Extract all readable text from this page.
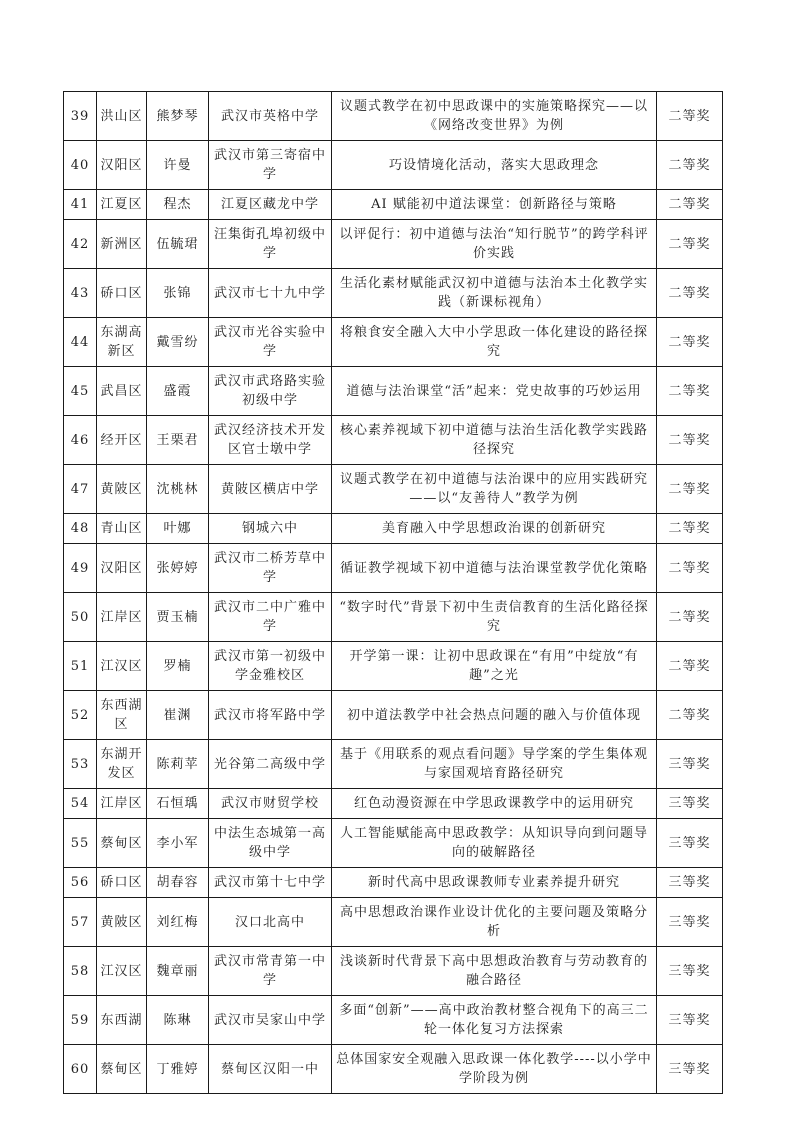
39	洪山区	熊梦琴	武汉市英格中学	议题式教学在初中思政课中的实施策略探究——以《网络改变世界》为例	二等奖
40	汉阳区	许曼	武汉市第三寄宿中学	巧设情境化活动，落实大思政理念	二等奖
41	江夏区	程杰	江夏区藏龙中学	AI 赋能初中道法课堂：创新路径与策略	二等奖
42	新洲区	伍毓珺	汪集街孔埠初级中学	以评促行：初中道德与法治“知行脱节”的跨学科评价实践	二等奖
43	硚口区	张锦	武汉市七十九中学	生活化素材赋能武汉初中道德与法治本土化教学实践（新课标视角）	二等奖
44	东湖高新区	戴雪纷	武汉市光谷实验中学	将粮食安全融入大中小学思政一体化建设的路径探究	二等奖
45	武昌区	盛霞	武汉市武珞路实验初级中学	道德与法治课堂“活”起来：党史故事的巧妙运用	二等奖
46	经开区	王栗君	武汉经济技术开发区官士墩中学	核心素养视域下初中道德与法治生活化教学实践路径探究	二等奖
47	黄陂区	沈桃林	黄陂区横店中学	议题式教学在初中道德与法治课中的应用实践研究——以“友善待人”教学为例	二等奖
48	青山区	叶娜	钢城六中	美育融入中学思想政治课的创新研究	二等奖
49	汉阳区	张婷婷	武汉市二桥芳草中学	循证教学视域下初中道德与法治课堂教学优化策略	二等奖
50	江岸区	贾玉楠	武汉市二中广雅中学	“数字时代”背景下初中生责信教育的生活化路径探究	二等奖
51	江汉区	罗楠	武汉市第一初级中学金雅校区	开学第一课：让初中思政课在“有用”中绽放“有趣”之光	二等奖
52	东西湖区	崔渊	武汉市将军路中学	初中道法教学中社会热点问题的融入与价值体现	二等奖
53	东湖开发区	陈莉苹	光谷第二高级中学	基于《用联系的观点看问题》导学案的学生集体观与家国观培育路径研究	三等奖
54	江岸区	石恒瑀	武汉市财贸学校	红色动漫资源在中学思政课教学中的运用研究	三等奖
55	蔡甸区	李小军	中法生态城第一高级中学	人工智能赋能高中思政教学：从知识导向到问题导向的破解路径	三等奖
56	硚口区	胡春容	武汉市第十七中学	新时代高中思政课教师专业素养提升研究	三等奖
57	黄陂区	刘红梅	汉口北高中	高中思想政治课作业设计优化的主要问题及策略分析	三等奖
58	江汉区	魏章丽	武汉市常青第一中学	浅谈新时代背景下高中思想政治教育与劳动教育的融合路径	三等奖
59	东西湖	陈琳	武汉市吴家山中学	多面“创新”——高中政治教材整合视角下的高三二轮一体化复习方法探索	三等奖
60	蔡甸区	丁雅婷	蔡甸区汉阳一中	总体国家安全观融入思政课一体化教学----以小学中学阶段为例	三等奖
